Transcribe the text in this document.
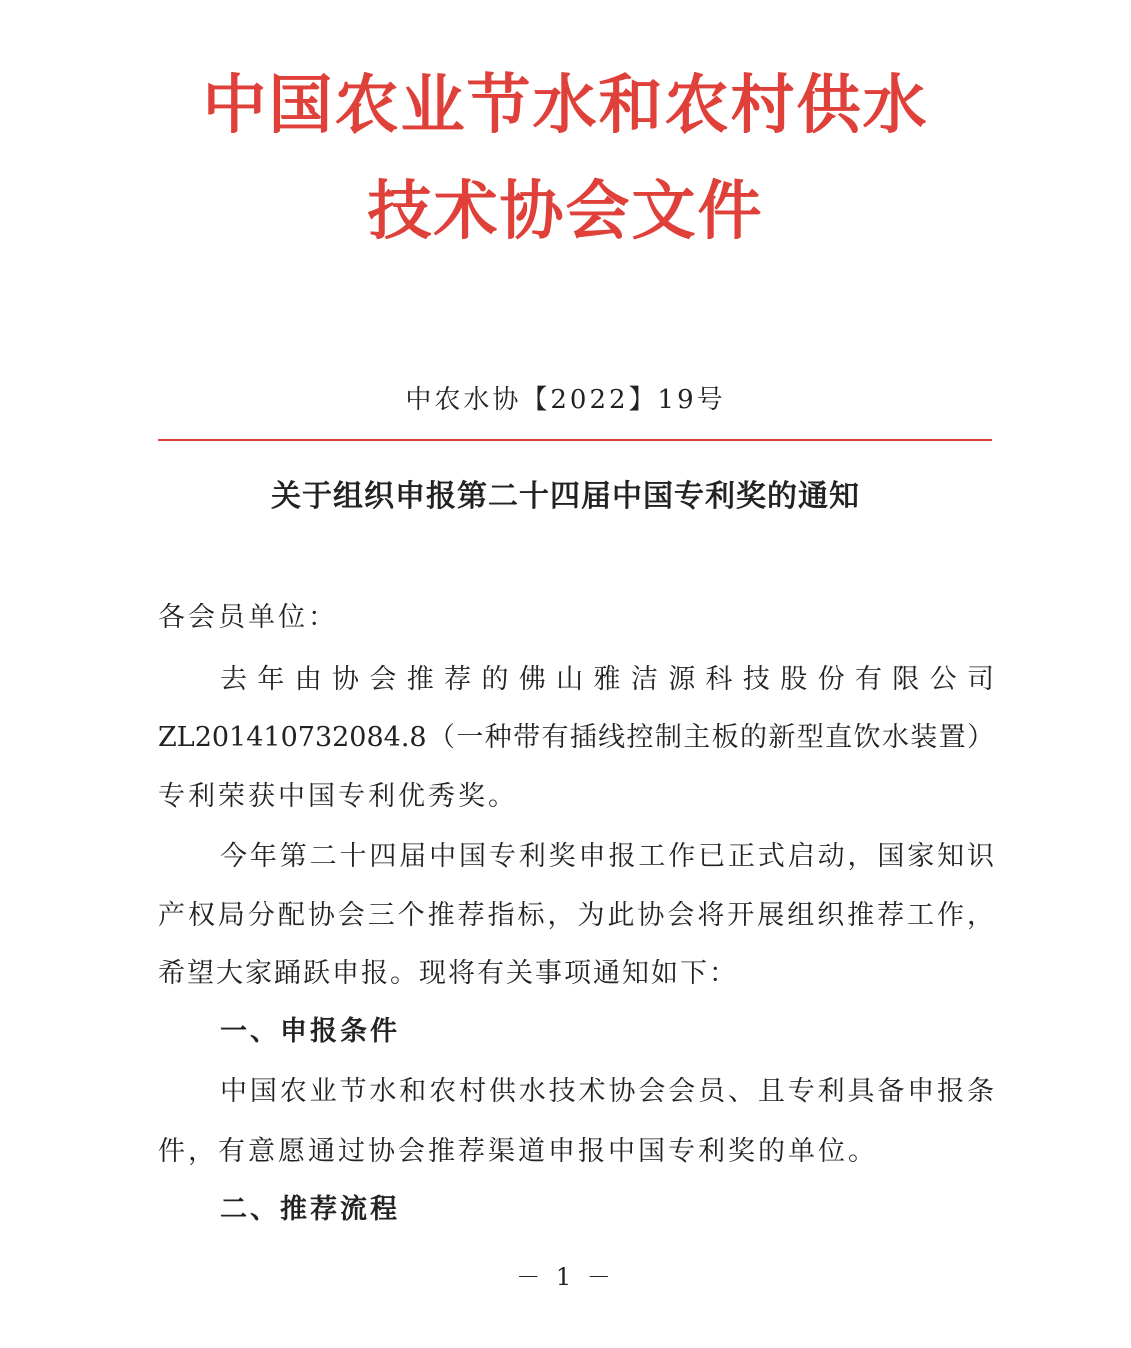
中国农业节水和农村供水
技术协会文件
中农水协【2022】19号
关于组织申报第二十四届中国专利奖的通知
各会员单位：
去年由协会推荐的佛山雅洁源科技股份有限公司
ZL201410732084.8（一种带有插线控制主板的新型直饮水装置）
专利荣获中国专利优秀奖。
今年第二十四届中国专利奖申报工作已正式启动，国家知识
产权局分配协会三个推荐指标，为此协会将开展组织推荐工作，
希望大家踊跃申报。现将有关事项通知如下：
一、申报条件
中国农业节水和农村供水技术协会会员、且专利具备申报条
件，有意愿通过协会推荐渠道申报中国专利奖的单位。
二、推荐流程
－ 1 －
